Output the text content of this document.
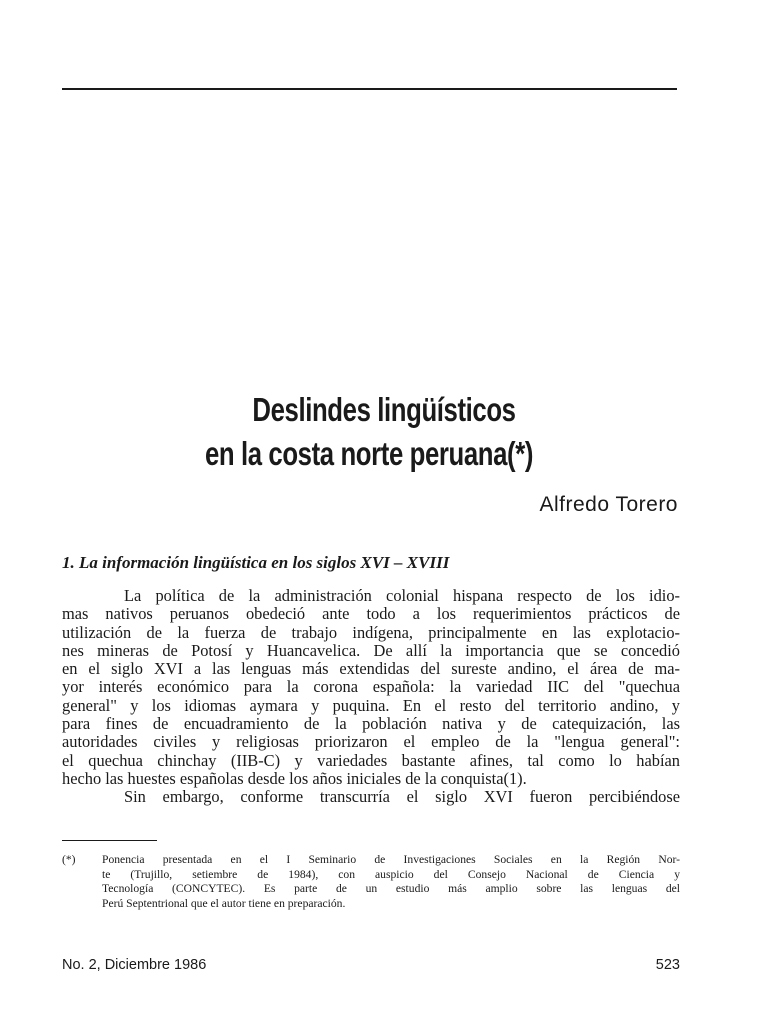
Deslindes lingüísticos
en la costa norte peruana(*)
Alfredo Torero
1. La información lingüística en los siglos XVI – XVIII
La política de la administración colonial hispana respecto de los idio-
mas nativos peruanos obedeció ante todo a los requerimientos prácticos de
utilización de la fuerza de trabajo indígena, principalmente en las explotacio-
nes mineras de Potosí y Huancavelica. De allí la importancia que se concedió
en el siglo XVI a las lenguas más extendidas del sureste andino, el área de ma-
yor interés económico para la corona española: la variedad IIC del "quechua
general" y los idiomas aymara y puquina. En el resto del territorio andino, y
para fines de encuadramiento de la población nativa y de catequización, las
autoridades civiles y religiosas priorizaron el empleo de la "lengua general":
el quechua chinchay (IIB-C) y variedades bastante afines, tal como lo habían
hecho las huestes españolas desde los años iniciales de la conquista(1).
Sin embargo, conforme transcurría el siglo XVI fueron percibiéndose
(*) Ponencia presentada en el I Seminario de Investigaciones Sociales en la Región Nor-
te (Trujillo, setiembre de 1984), con auspicio del Consejo Nacional de Ciencia y
Tecnología (CONCYTEC). Es parte de un estudio más amplio sobre las lenguas del
Perú Septentrional que el autor tiene en preparación.
No. 2, Diciembre 1986	523
